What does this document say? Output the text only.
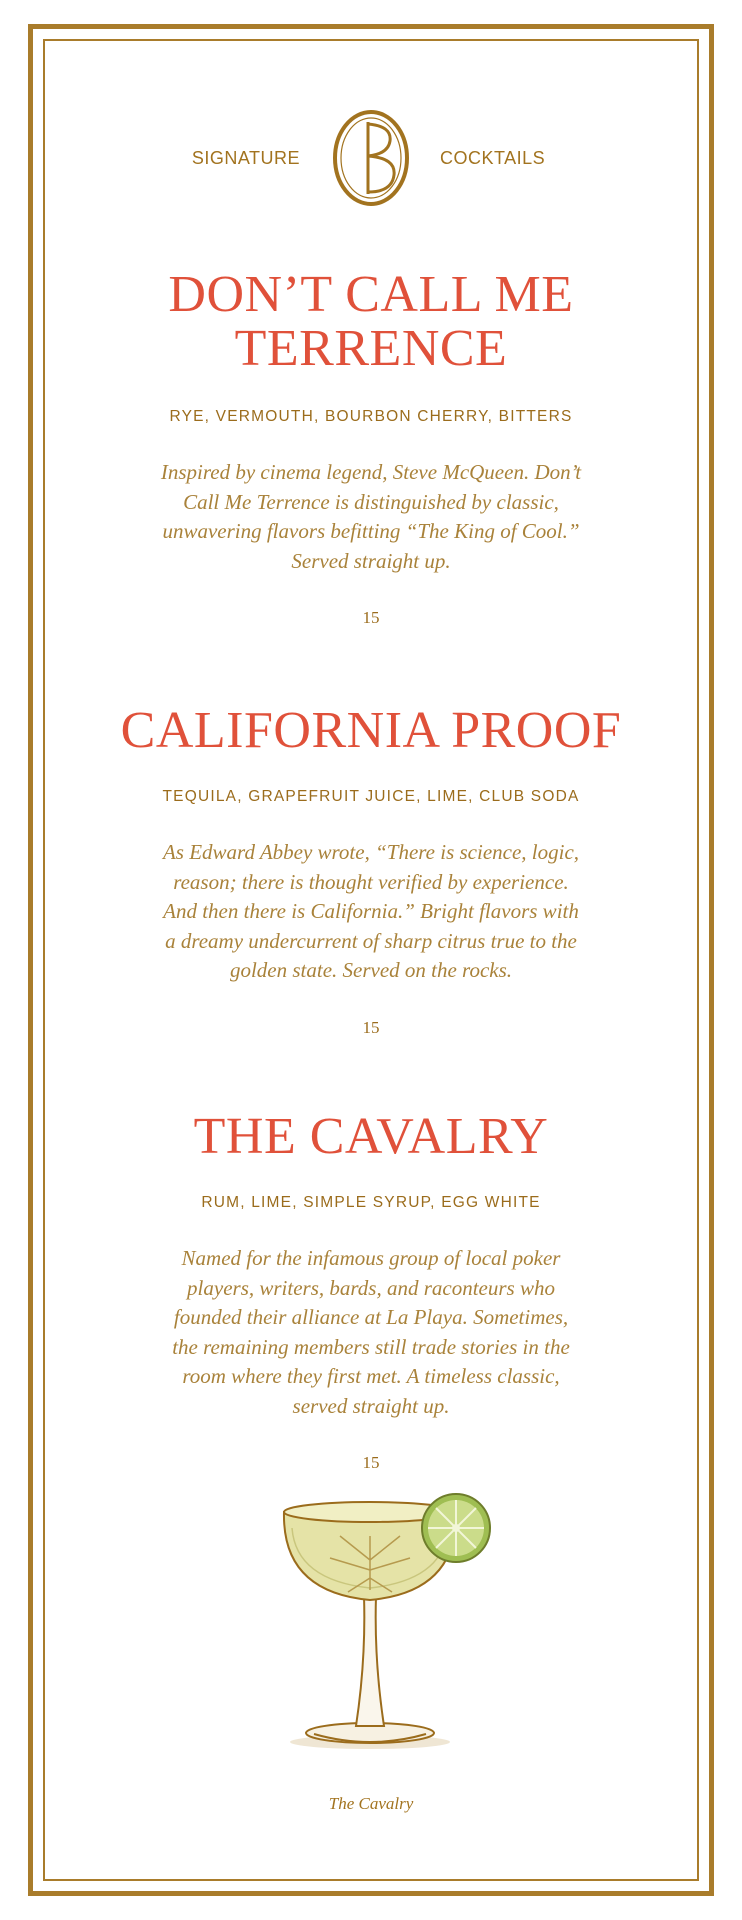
SIGNATURE	COCKTAILS
DON’T CALL ME
TERRENCE

RYE, VERMOUTH, BOURBON CHERRY, BITTERS

Inspired by cinema legend, Steve McQueen. Don’t
Call Me Terrence is distinguished by classic,
unwavering flavors befitting “The King of Cool.”
Served straight up.

15

CALIFORNIA PROOF

TEQUILA, GRAPEFRUIT JUICE, LIME, CLUB SODA

As Edward Abbey wrote, “There is science, logic,
reason; there is thought verified by experience.
And then there is California.” Bright flavors with
a dreamy undercurrent of sharp citrus true to the
golden state. Served on the rocks.

15

THE CAVALRY

RUM, LIME, SIMPLE SYRUP, EGG WHITE

Named for the infamous group of local poker
players, writers, bards, and raconteurs who
founded their alliance at La Playa. Sometimes,
the remaining members still trade stories in the
room where they first met. A timeless classic,
served straight up.

15

The Cavalry
